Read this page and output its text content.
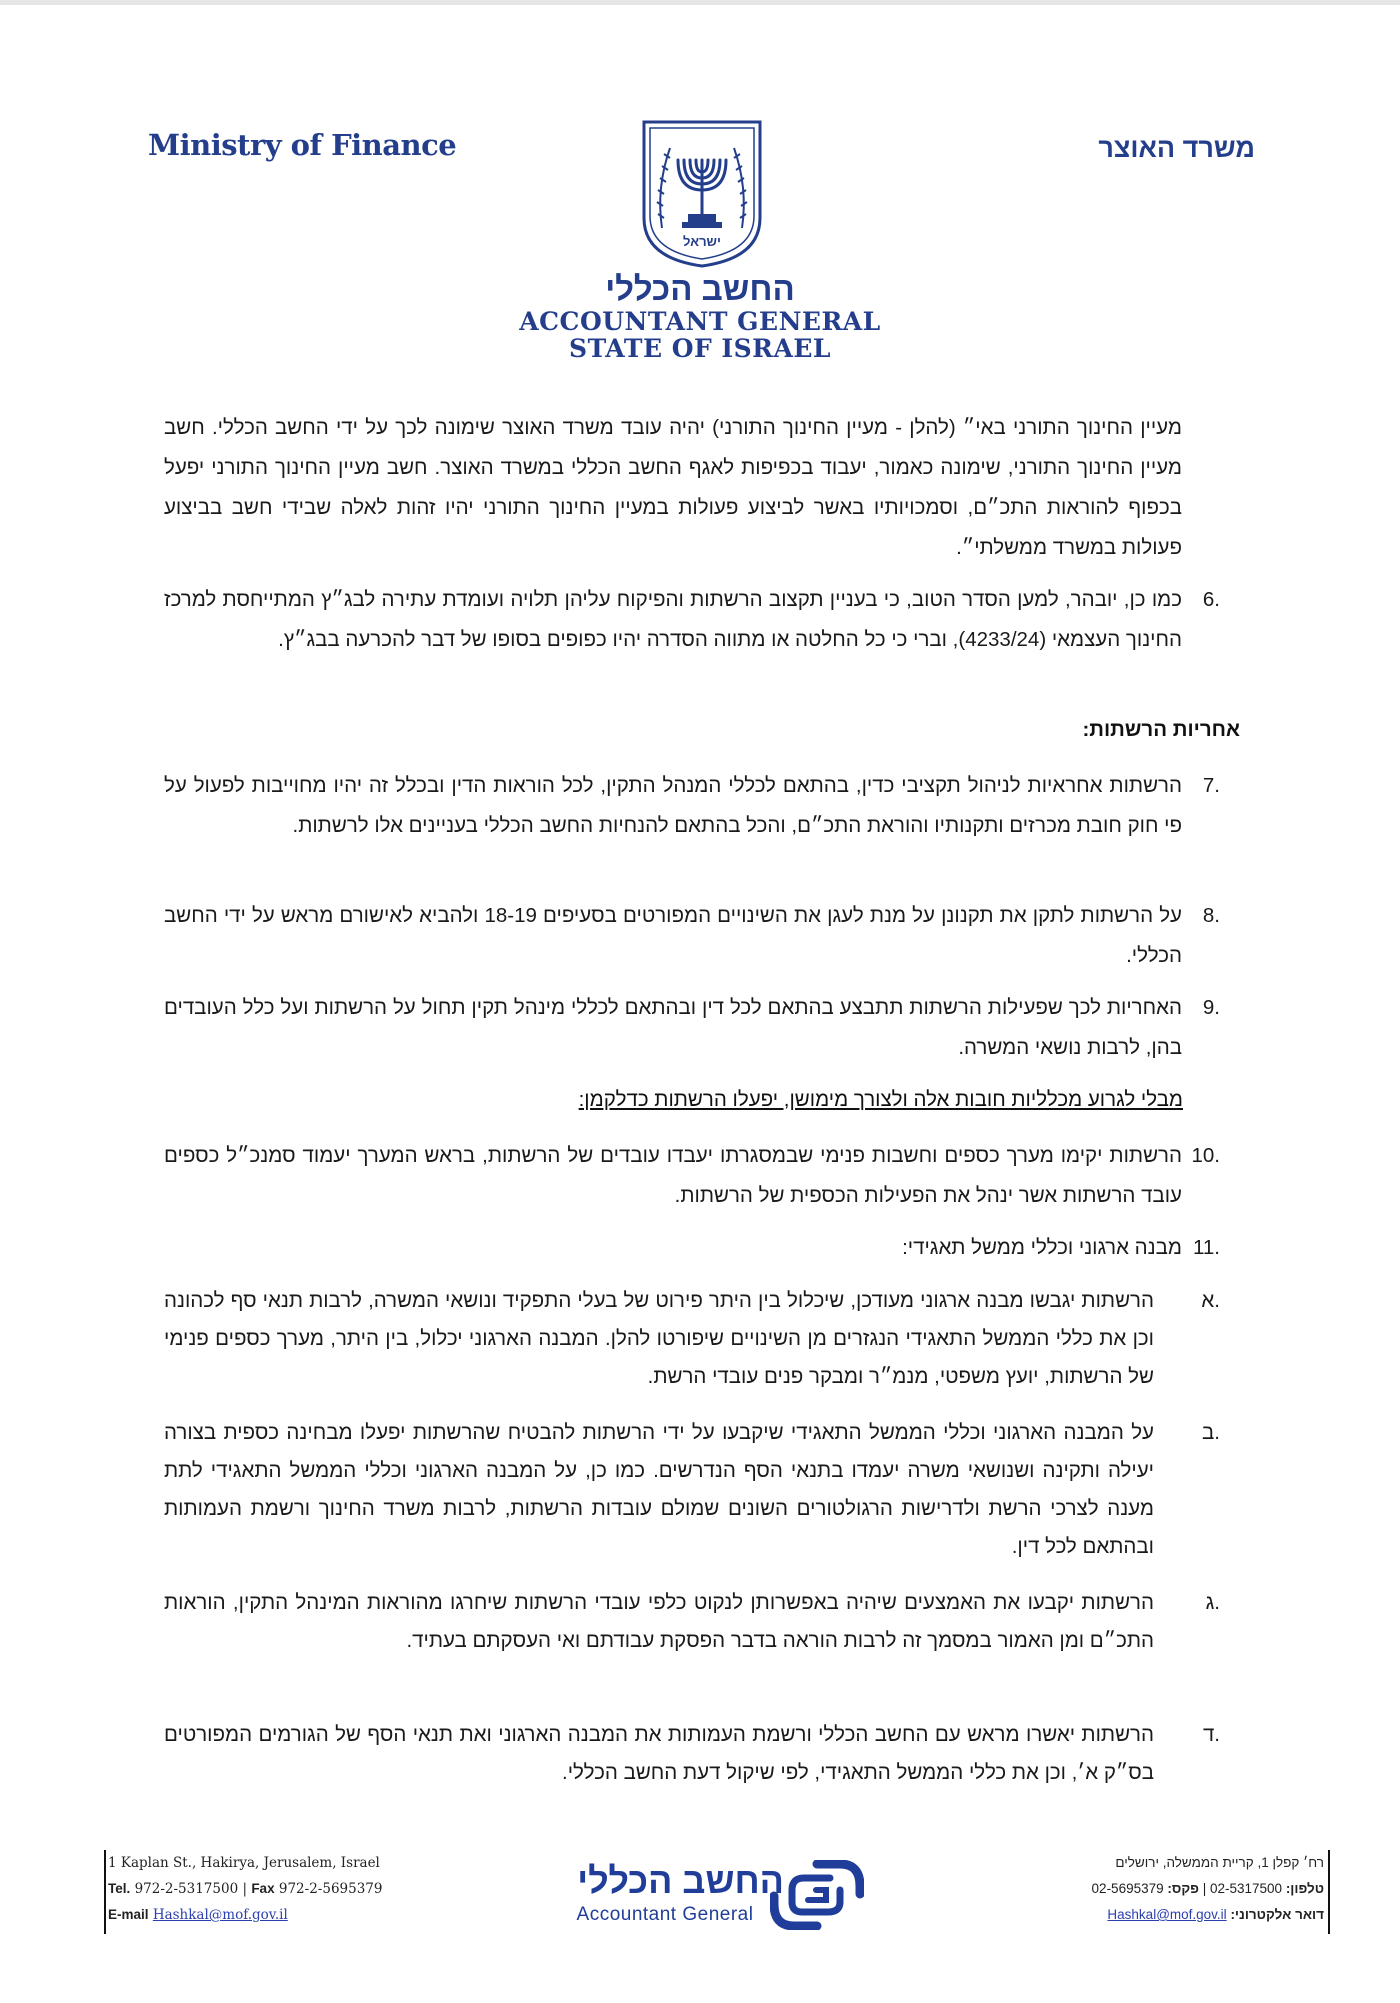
Ministry of Finance	משרד האוצר
ישראל
החשב הכללי
ACCOUNTANT GENERAL
STATE OF ISRAEL

מעיין החינוך התורני באי״ (להלן - מעיין החינוך התורני) יהיה עובד משרד האוצר שימונה לכך על ידי החשב הכללי. חשב מעיין החינוך התורני, שימונה כאמור, יעבוד בכפיפות לאגף החשב הכללי במשרד האוצר. חשב מעיין החינוך התורני יפעל בכפוף להוראות התכ״ם, וסמכויותיו באשר לביצוע פעולות במעיין החינוך התורני יהיו זהות לאלה שבידי חשב בביצוע פעולות במשרד ממשלתי״.

.6
כמו כן, יובהר, למען הסדר הטוב, כי בעניין תקצוב הרשתות והפיקוח עליהן תלויה ועומדת עתירה לבג״ץ המתייחסת למרכז החינוך העצמאי (4233/24), וברי כי כל החלטה או מתווה הסדרה יהיו כפופים בסופו של דבר להכרעה בבג״ץ.
אחריות הרשתות:
.7
הרשתות אחראיות לניהול תקציבי כדין, בהתאם לכללי המנהל התקין, לכל הוראות הדין ובכלל זה יהיו מחוייבות לפעול על פי חוק חובת מכרזים ותקנותיו והוראת התכ״ם, והכל בהתאם להנחיות החשב הכללי בעניינים אלו לרשתות.
.8
על הרשתות לתקן את תקנונן על מנת לעגן את השינויים המפורטים בסעיפים 18-19 ולהביא לאישורם מראש על ידי החשב הכללי.
.9
האחריות לכך שפעילות הרשתות תתבצע בהתאם לכל דין ובהתאם לכללי מינהל תקין תחול על הרשתות ועל כלל העובדים בהן, לרבות נושאי המשרה.
מבלי לגרוע מכלליות חובות אלה ולצורך מימושן, יפעלו הרשתות כדלקמן:
.10
הרשתות יקימו מערך כספים וחשבות פנימי שבמסגרתו יעבדו עובדים של הרשתות, בראש המערך יעמוד סמנכ״ל כספים עובד הרשתות אשר ינהל את הפעילות הכספית של הרשתות.
.11
מבנה ארגוני וכללי ממשל תאגידי:
.א
הרשתות יגבשו מבנה ארגוני מעודכן, שיכלול בין היתר פירוט של בעלי התפקיד ונושאי המשרה, לרבות תנאי סף לכהונה וכן את כללי הממשל התאגידי הנגזרים מן השינויים שיפורטו להלן. המבנה הארגוני יכלול, בין היתר, מערך כספים פנימי של הרשתות, יועץ משפטי, מנמ״ר ומבקר פנים עובדי הרשת.
.ב
על המבנה הארגוני וכללי הממשל התאגידי שיקבעו על ידי הרשתות להבטיח שהרשתות יפעלו מבחינה כספית בצורה יעילה ותקינה ושנושאי משרה יעמדו בתנאי הסף הנדרשים. כמו כן, על המבנה הארגוני וכללי הממשל התאגידי לתת מענה לצרכי הרשת ולדרישות הרגולטורים השונים שמולם עובדות הרשתות, לרבות משרד החינוך ורשמת העמותות ובהתאם לכל דין.
.ג
הרשתות יקבעו את האמצעים שיהיה באפשרותן לנקוט כלפי עובדי הרשתות שיחרגו מהוראות המינהל התקין, הוראות התכ״ם ומן האמור במסמך זה לרבות הוראה בדבר הפסקת עבודתם ואי העסקתם בעתיד.
.ד
הרשתות יאשרו מראש עם החשב הכללי ורשמת העמותות את המבנה הארגוני ואת תנאי הסף של הגורמים המפורטים בס״ק א׳, וכן את כללי הממשל התאגידי, לפי שיקול דעת החשב הכללי.
1 Kaplan St., Hakirya, Jerusalem, Israel
Tel. 972-2-5317500 | Fax 972-2-5695379
E-mail Hashkal@mof.gov.il
החשב הכללי
Accountant General
רח׳ קפלן 1, קריית הממשלה, ירושלים
טלפון: 02-5317500 | פקס: 02-5695379
דואר אלקטרוני: Hashkal@mof.gov.il
